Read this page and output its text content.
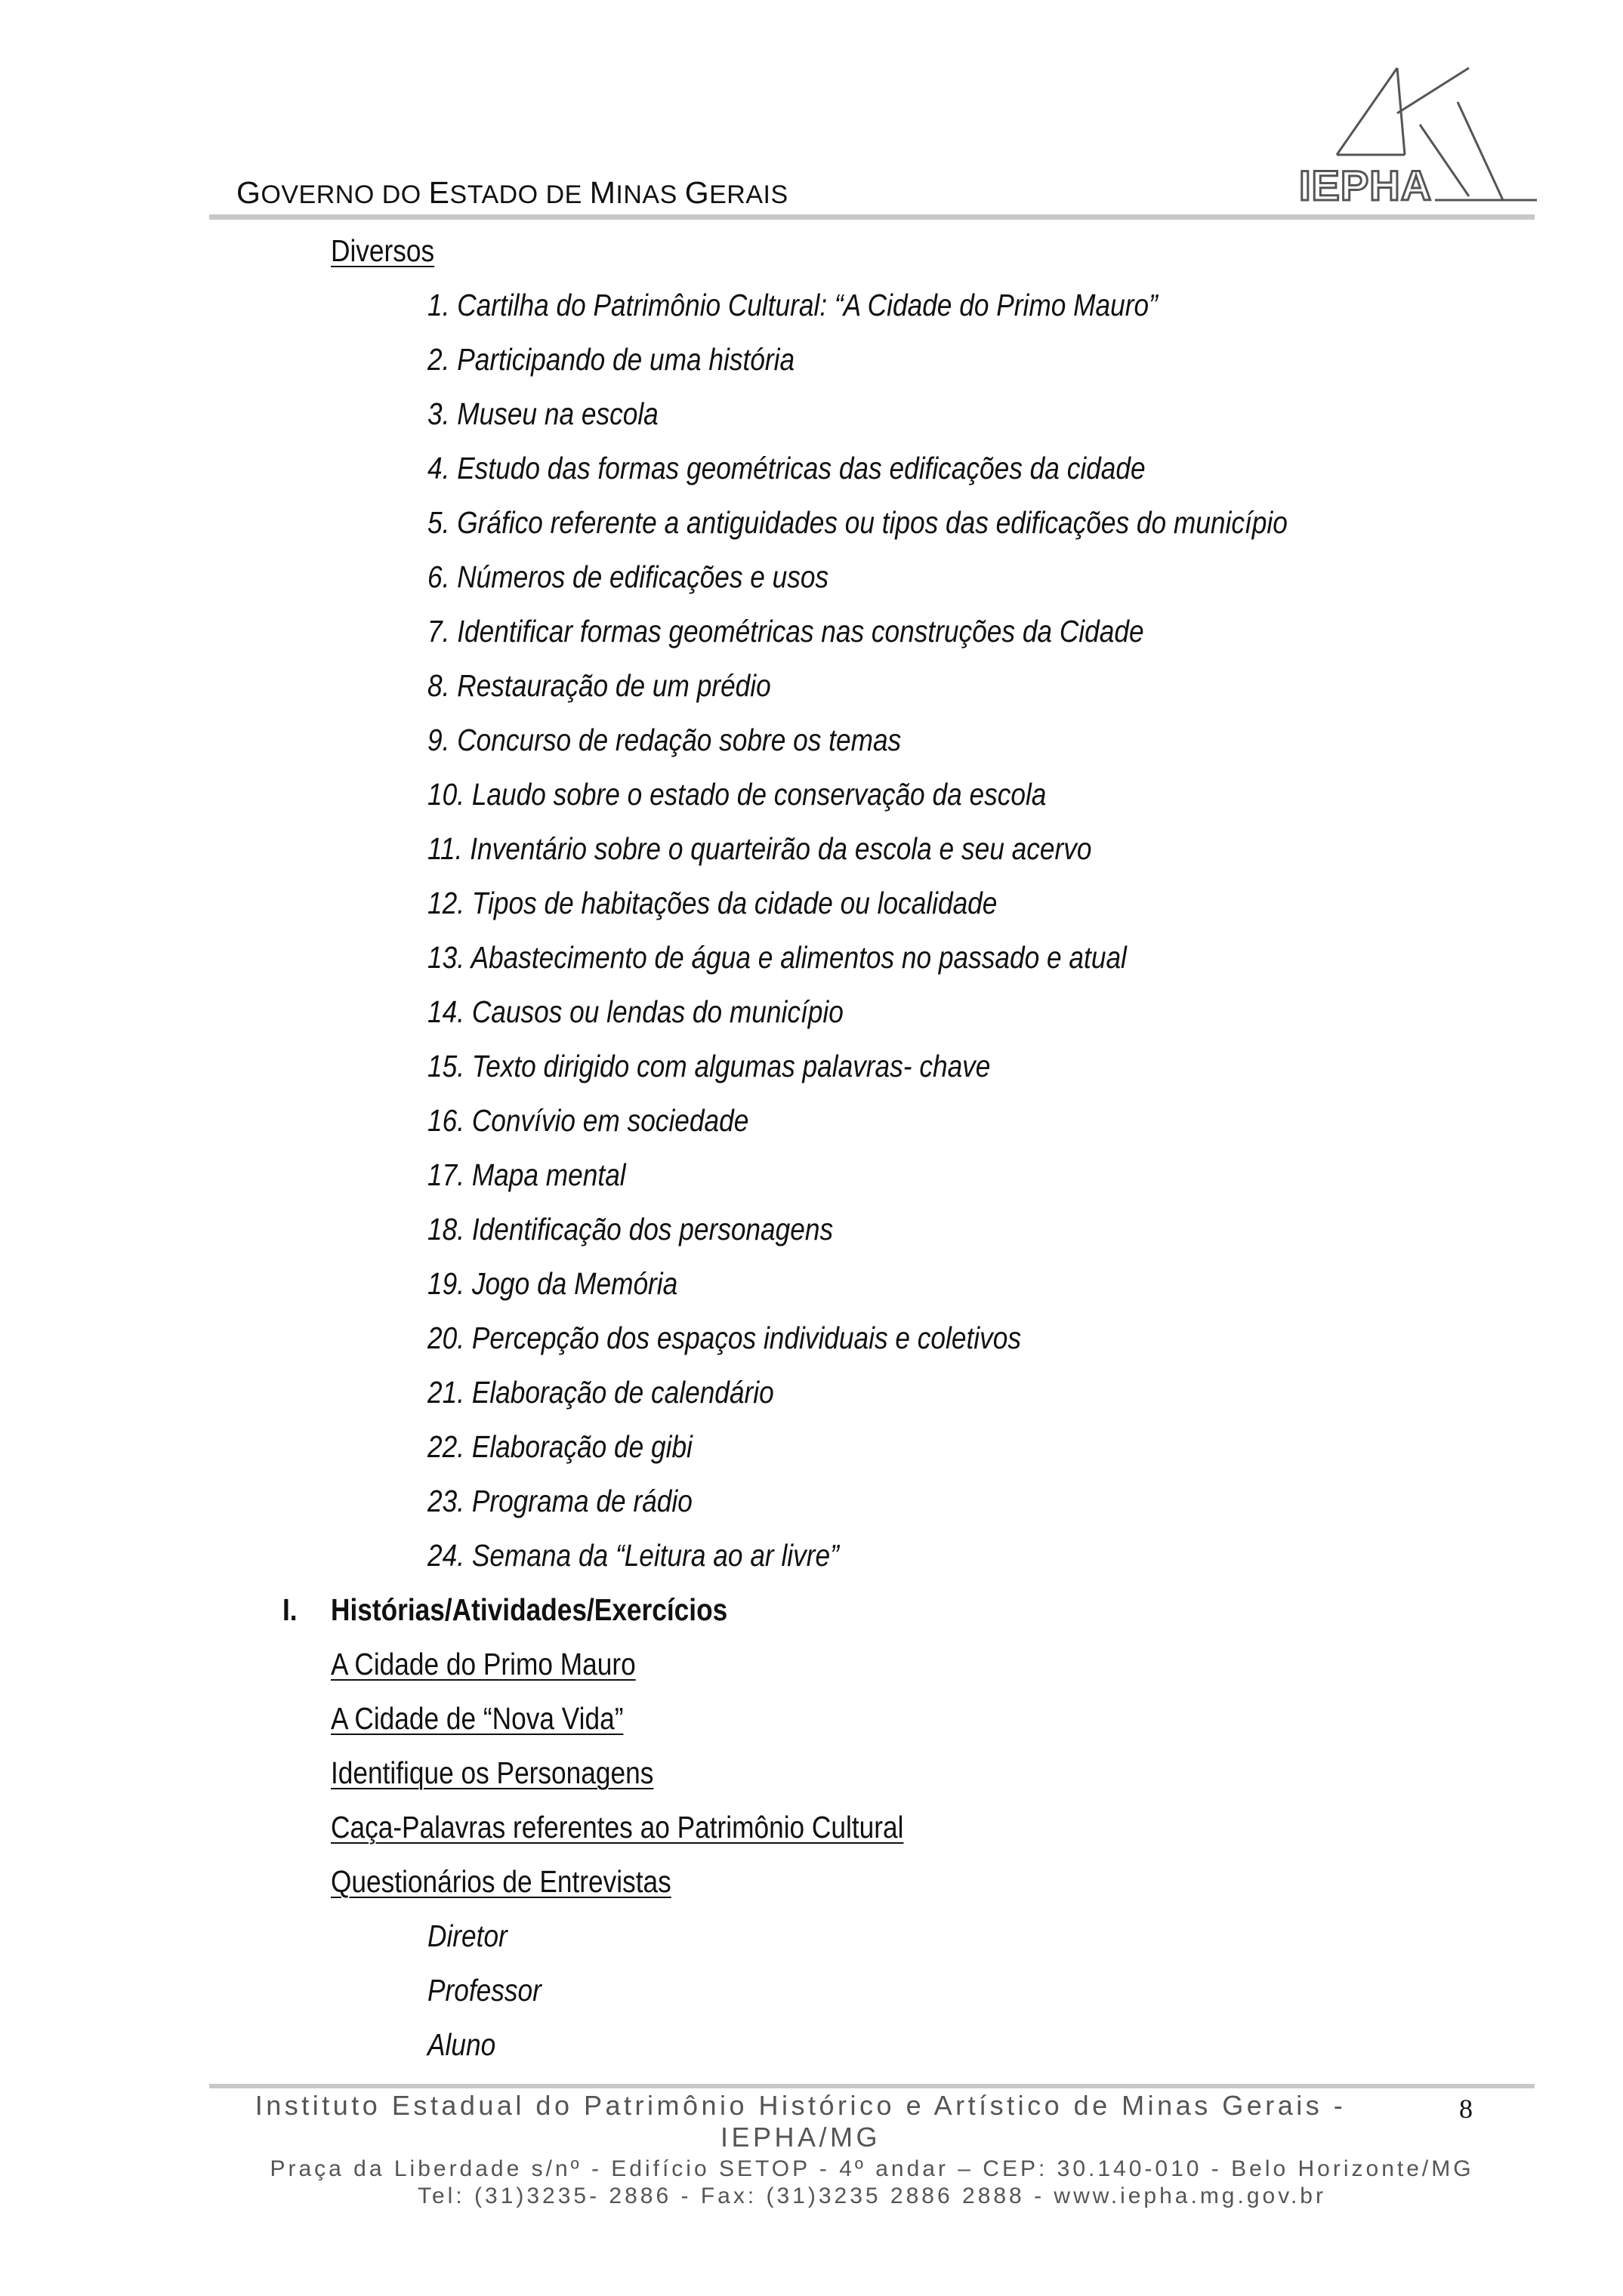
GOVERNO DO ESTADO DE MINAS GERAIS	IEPHA
Diversos
1. Cartilha do Patrimônio Cultural: “A Cidade do Primo Mauro”
2. Participando de uma história
3. Museu na escola
4. Estudo das formas geométricas das edificações da cidade
5. Gráfico referente a antiguidades ou tipos das edificações do município
6. Números de edificações e usos
7. Identificar formas geométricas nas construções da Cidade
8. Restauração de um prédio
9. Concurso de redação sobre os temas
10. Laudo sobre o estado de conservação da escola
11. Inventário sobre o quarteirão da escola e seu acervo
12. Tipos de habitações da cidade ou localidade
13. Abastecimento de água e alimentos no passado e atual
14. Causos ou lendas do município
15. Texto dirigido com algumas palavras- chave
16. Convívio em sociedade
17. Mapa mental
18. Identificação dos personagens
19. Jogo da Memória
20. Percepção dos espaços individuais e coletivos
21. Elaboração de calendário
22. Elaboração de gibi
23. Programa de rádio
24. Semana da “Leitura ao ar livre”
I. Histórias/Atividades/Exercícios
A Cidade do Primo Mauro
A Cidade de “Nova Vida”
Identifique os Personagens
Caça-Palavras referentes ao Patrimônio Cultural
Questionários de Entrevistas
Diretor
Professor
Aluno
Instituto Estadual do Patrimônio Histórico e Artístico de Minas Gerais -
IEPHA/MG
Praça da Liberdade s/nº - Edifício SETOP - 4º andar – CEP: 30.140-010 - Belo Horizonte/MG
Tel: (31)3235- 2886 - Fax: (31)3235 2886 2888 - www.iepha.mg.gov.br
8
